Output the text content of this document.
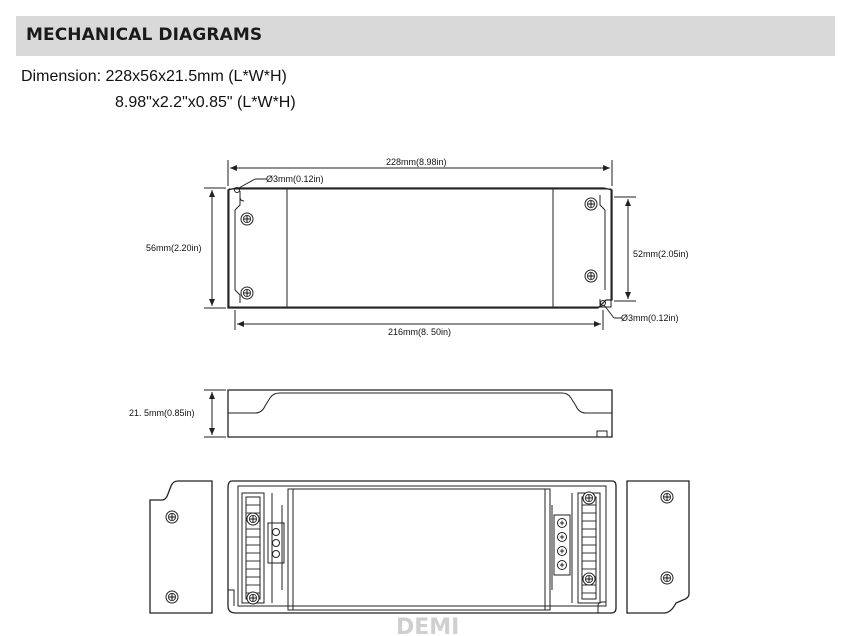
MECHANICAL DIAGRAMS
Dimension: 228x56x21.5mm (L*W*H)
8.98"x2.2"x0.85" (L*W*H)
228mm(8.98in)
Ø3mm(0.12in)
56mm(2.20in)
52mm(2.05in)
216mm(8. 50in)
Ø3mm(0.12in)
21. 5mm(0.85in)
DEMI
